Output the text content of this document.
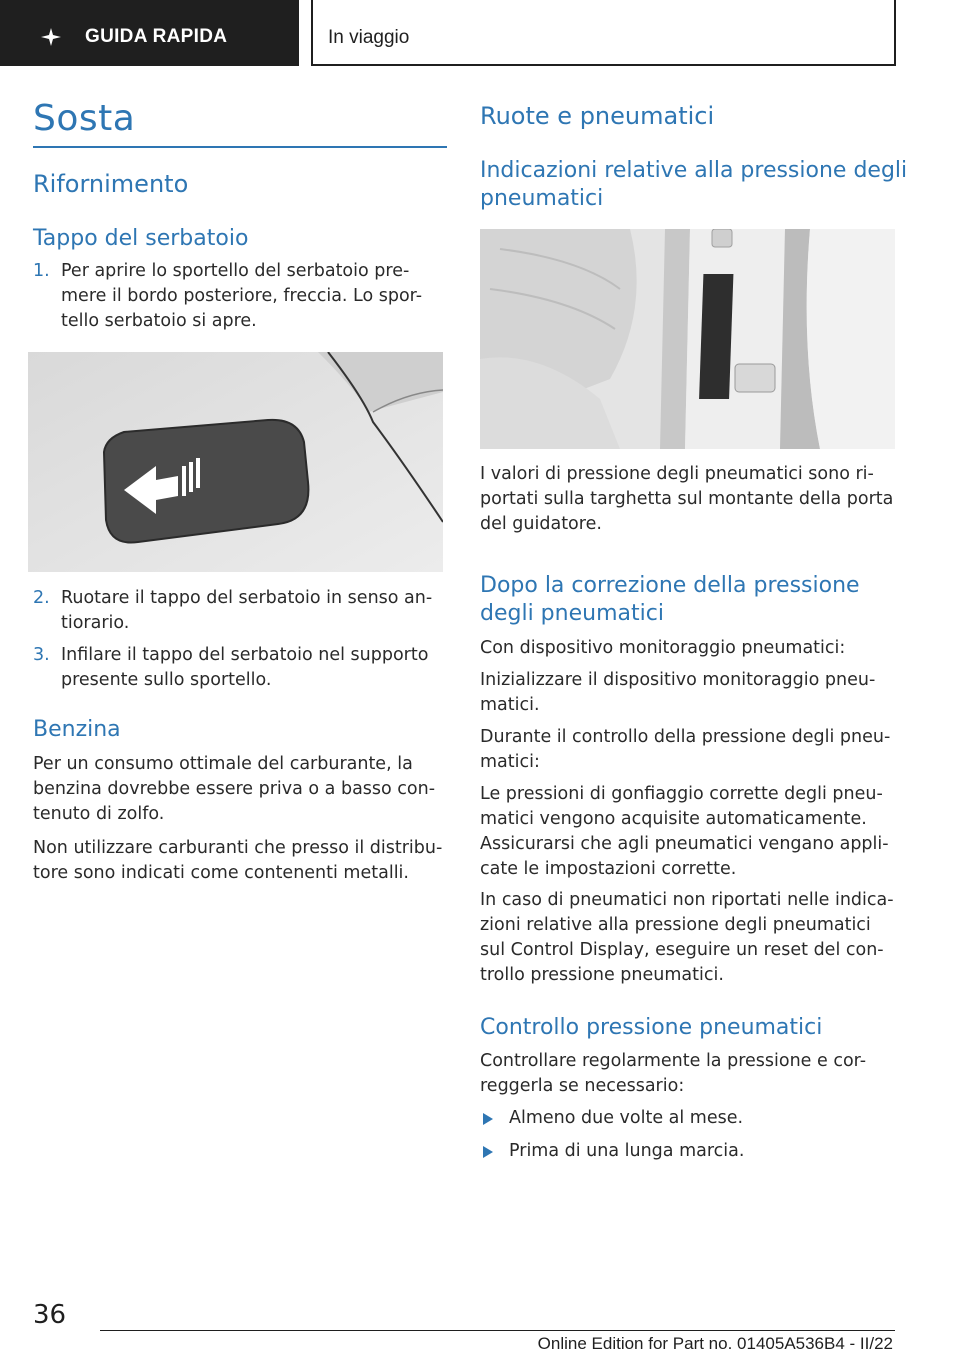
GUIDA RAPIDA	In viaggio
Sosta
Rifornimento
Tappo del serbatoio
1. Per aprire lo sportello del serbatoio pre-
mere il bordo posteriore, freccia. Lo spor-
tello serbatoio si apre.
2. Ruotare il tappo del serbatoio in senso an-
tiorario.
3. Infilare il tappo del serbatoio nel supporto
presente sullo sportello.
Benzina
Per un consumo ottimale del carburante, la
benzina dovrebbe essere priva o a basso con-
tenuto di zolfo.
Non utilizzare carburanti che presso il distribu-
tore sono indicati come contenenti metalli.
Ruote e pneumatici
Indicazioni relative alla pressione degli
pneumatici
I valori di pressione degli pneumatici sono ri-
portati sulla targhetta sul montante della porta
del guidatore.
Dopo la correzione della pressione
degli pneumatici
Con dispositivo monitoraggio pneumatici:
Inizializzare il dispositivo monitoraggio pneu-
matici.
Durante il controllo della pressione degli pneu-
matici:
Le pressioni di gonfiaggio corrette degli pneu-
matici vengono acquisite automaticamente.
Assicurarsi che agli pneumatici vengano appli-
cate le impostazioni corrette.
In caso di pneumatici non riportati nelle indica-
zioni relative alla pressione degli pneumatici
sul Control Display, eseguire un reset del con-
trollo pressione pneumatici.
Controllo pressione pneumatici
Controllare regolarmente la pressione e cor-
reggerla se necessario:
Almeno due volte al mese.
Prima di una lunga marcia.
36
Online Edition for Part no. 01405A536B4 - II/22
